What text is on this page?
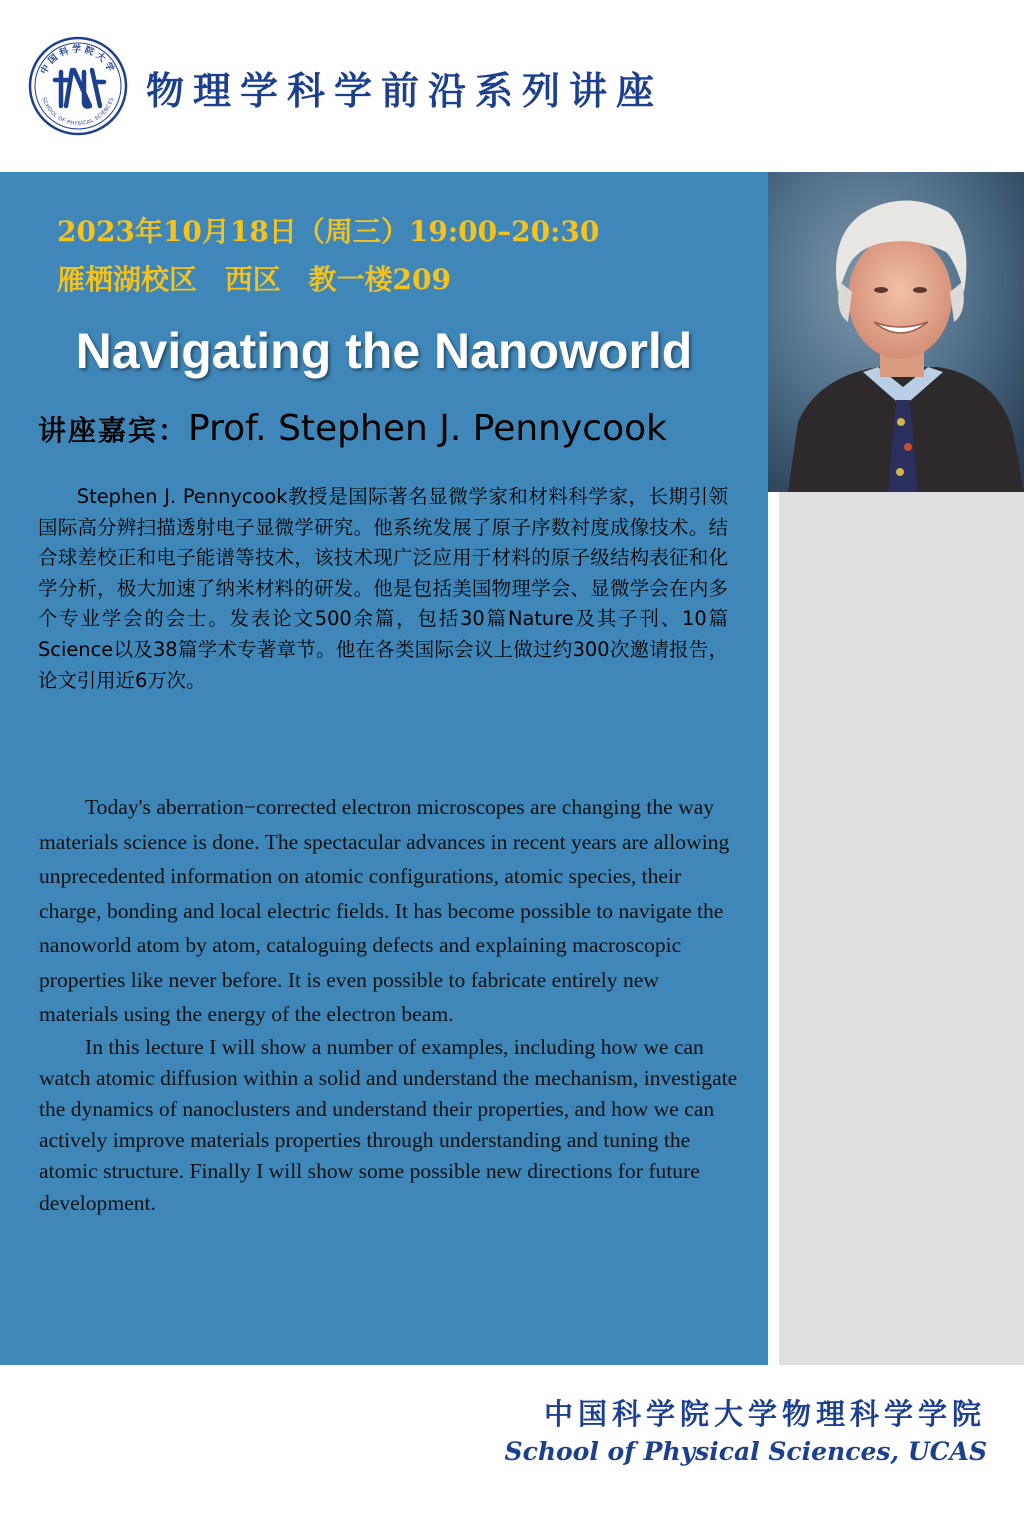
中国科学院大学
SCHOOL OF PHYSICAL SCIENCES 物理学科学前沿系列讲座
2023年10月18日（周三）19:00–20:30
雁栖湖校区 西区 教一楼209
Navigating the Nanoworld
讲座嘉宾：Prof. Stephen J. Pennycook
Stephen J. Pennycook教授是国际著名显微学家和材料科学家，长期引领国际高分辨扫描透射电子显微学研究。他系统发展了原子序数衬度成像技术。结合球差校正和电子能谱等技术，该技术现广泛应用于材料的原子级结构表征和化学分析，极大加速了纳米材料的研发。他是包括美国物理学会、显微学会在内多个专业学会的会士。发表论文500余篇，包括30篇Nature及其子刊、10篇Science以及38篇学术专著章节。他在各类国际会议上做过约300次邀请报告，论文引用近6万次。

Today's aberration−corrected electron microscopes are changing the way materials science is done. The spectacular advances in recent years are allowing unprecedented information on atomic configurations, atomic species, their charge, bonding and local electric fields. It has become possible to navigate the nanoworld atom by atom, cataloguing defects and explaining macroscopic properties like never before. It is even possible to fabricate entirely new materials using the energy of the electron beam.

In this lecture I will show a number of examples, including how we can watch atomic diffusion within a solid and understand the mechanism, investigate the dynamics of nanoclusters and understand their properties, and how we can actively improve materials properties through understanding and tuning the atomic structure. Finally I will show some possible new directions for future development.

中国科学院大学物理科学学院
School of Physical Sciences, UCAS
